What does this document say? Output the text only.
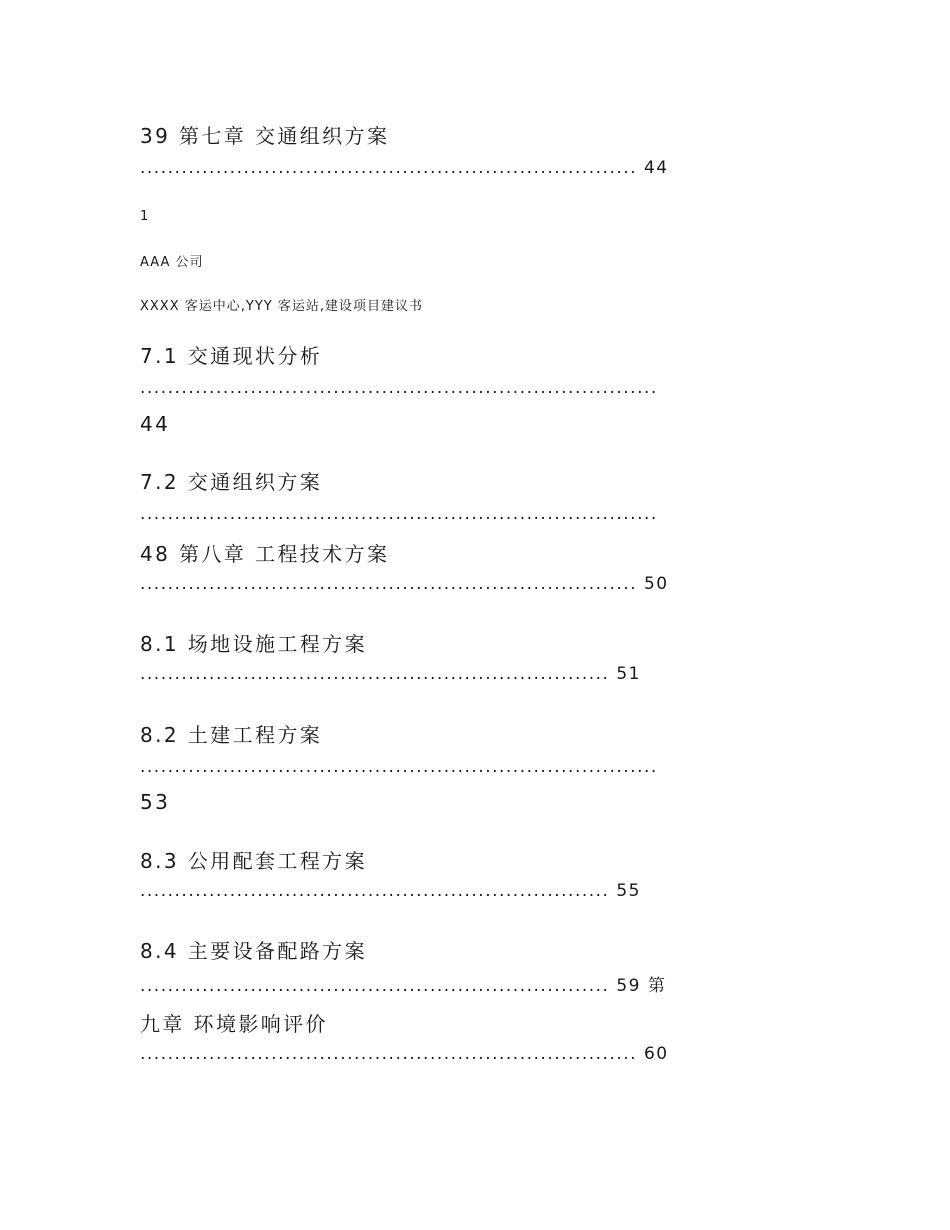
39 第七章 交通组织方案
........................................................................ 44
1
AAA 公司
XXXX 客运中心,YYY 客运站,建设项目建议书
7.1 交通现状分析
...........................................................................
44
7.2 交通组织方案
...........................................................................
48 第八章 工程技术方案
........................................................................ 50
8.1 场地设施工程方案
.................................................................... 51
8.2 土建工程方案
...........................................................................
53
8.3 公用配套工程方案
.................................................................... 55
8.4 主要设备配路方案
.................................................................... 59 第
九章 环境影响评价
........................................................................ 60
